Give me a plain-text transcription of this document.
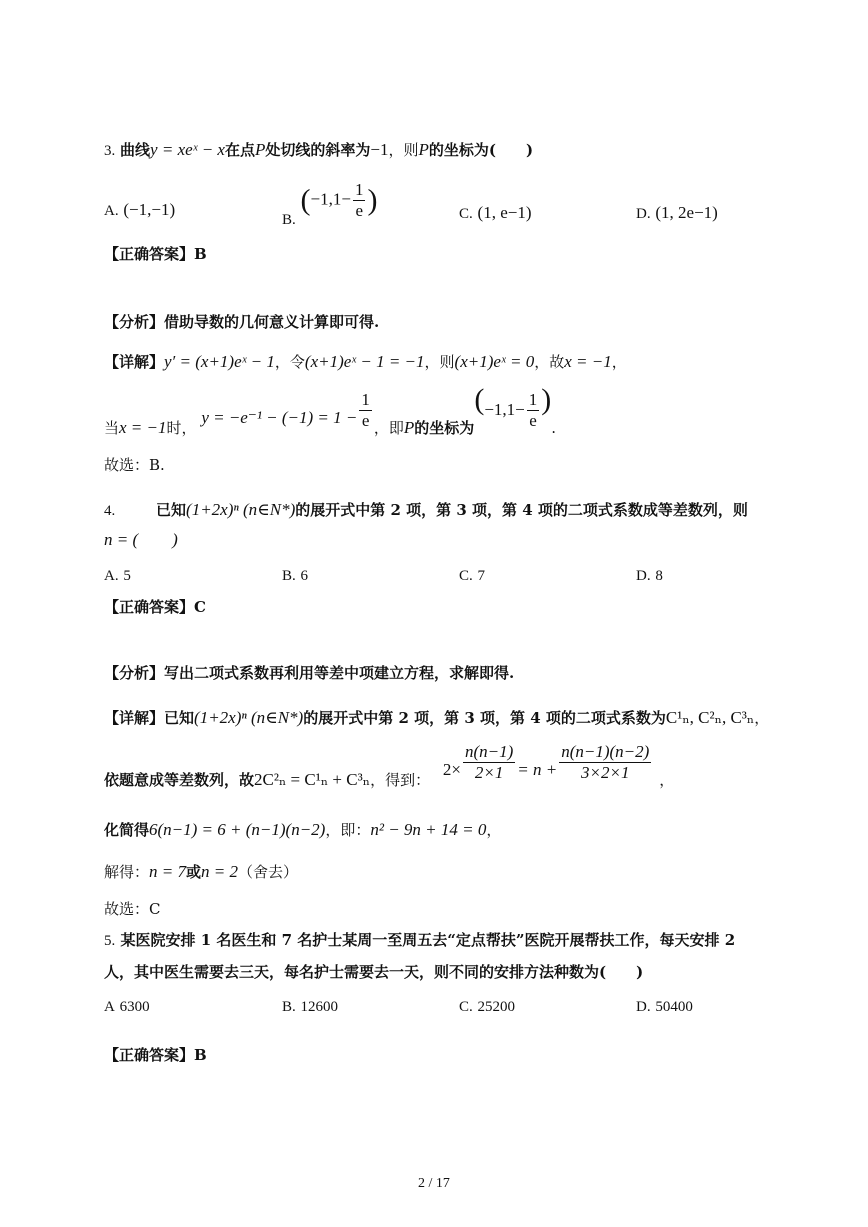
3. 曲线y = xeˣ − x在点P处切线的斜率为−1，则P的坐标为(　　)
A. (−1,−1)
B. ($-1,1- \frac{1}{e}$ )	C. (1, e−1)	D. (1, 2e−1)
【正确答案】B
【分析】借助导数的几何意义计算即可得.
【详解】y′ = (x+1)eˣ − 1，令(x+1)eˣ − 1 = −1，则(x+1)eˣ = 0，故x = −1，
当x = −1时， $y = -e^{-1} - (-1) = 1 - \frac{1}{e}$ ，即P的坐标为($-1,1- \frac{1}{e}$ ).
故选：B.
4.	已知(1+2x)ⁿ (n∈N*)的展开式中第 2 项，第 3 项，第 4 项的二项式系数成等差数列，则
n = (　　)
A. 5	B. 6	C. 7	D. 8
【正确答案】C
【分析】写出二项式系数再利用等差中项建立方程，求解即得.
【详解】已知(1+2x)ⁿ (n∈N*)的展开式中第 2 项，第 3 项，第 4 项的二项式系数为C¹ₙ, C²ₙ, C³ₙ，
依题意成等差数列，故2C²ₙ = C¹ₙ + C³ₙ，得到： $2\times \frac{n(n-1)}{2\times 1} = n + \frac{n(n-1)(n-2)}{3\times 2\times 1}$ ，
化简得6(n−1) = 6 + (n−1)(n−2)，即：n² − 9n + 14 = 0，
解得：n = 7或n = 2（舍去）
故选：C
5. 某医院安排 1 名医生和 7 名护士某周一至周五去“定点帮扶”医院开展帮扶工作，每天安排 2
人，其中医生需要去三天，每名护士需要去一天，则不同的安排方法种数为(　　)
A 6300	B. 12600	C. 25200	D. 50400
【正确答案】B
2 / 17
